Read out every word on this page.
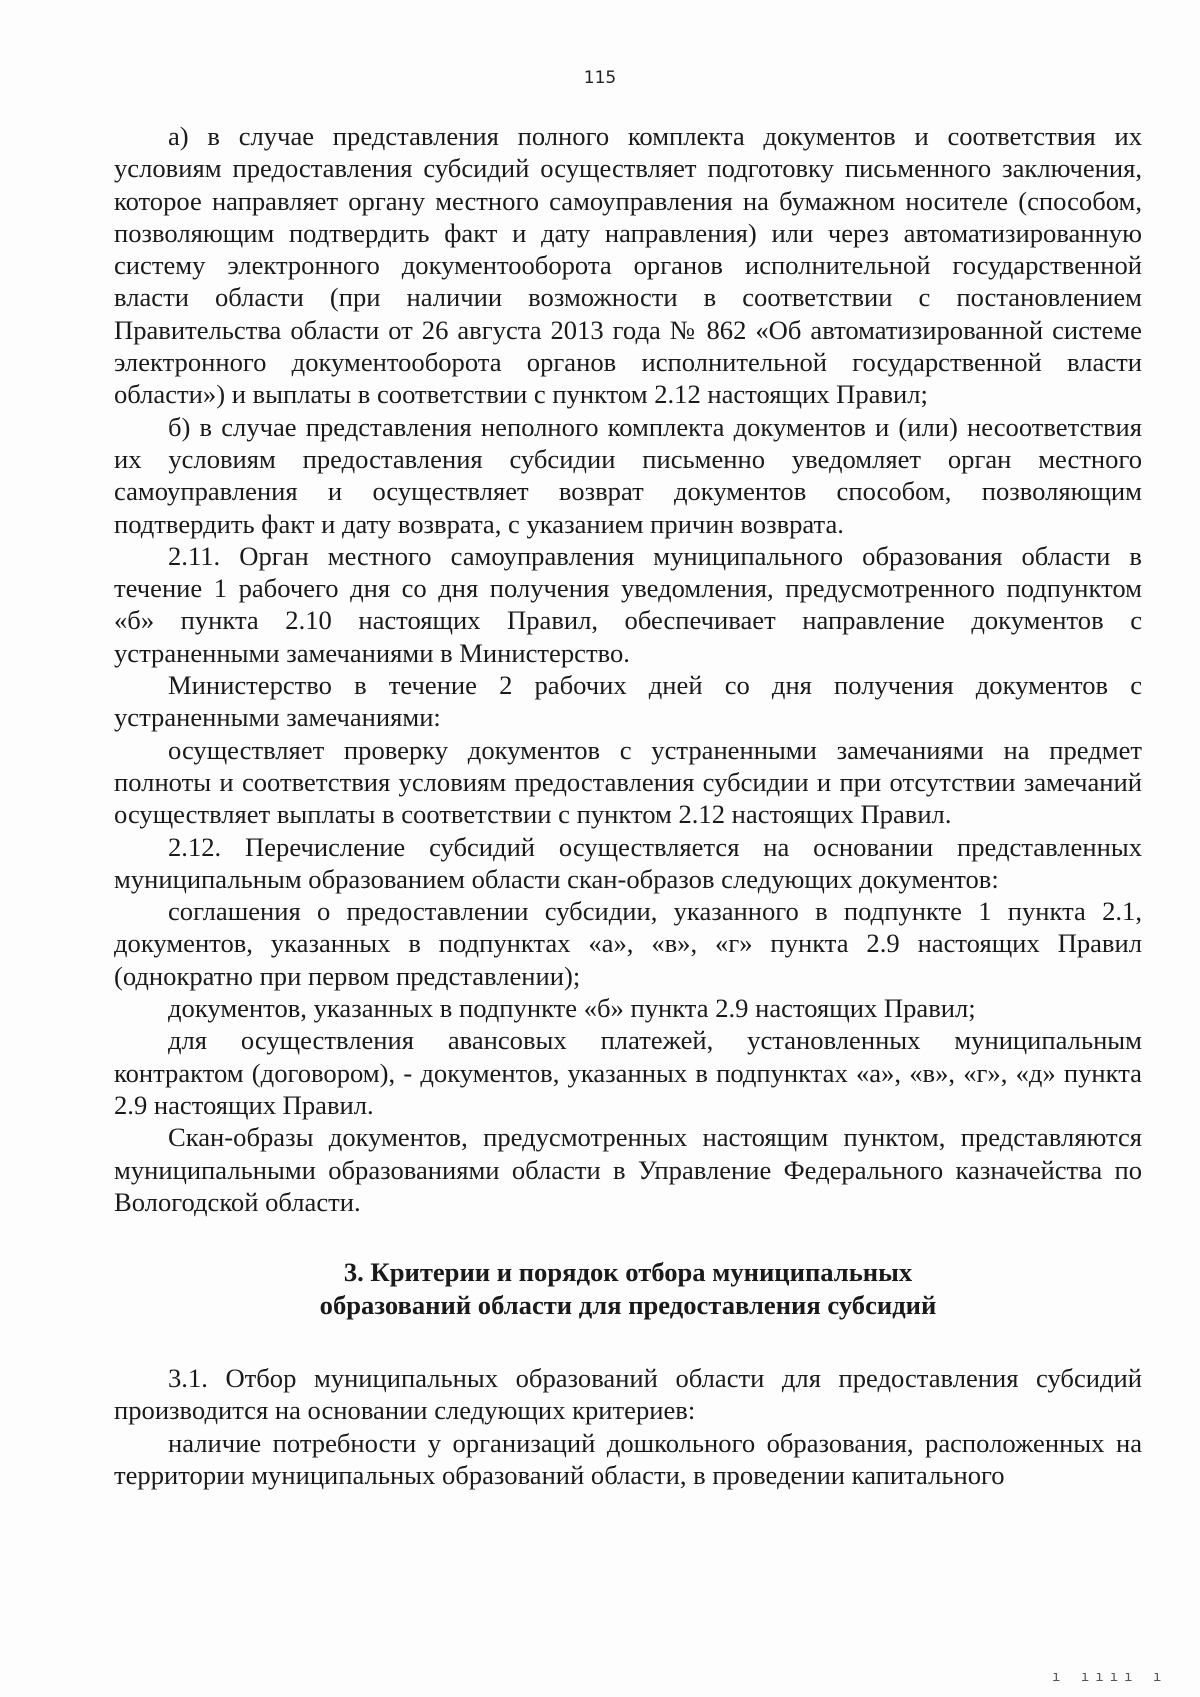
115

а) в случае представления полного комплекта документов и соответствия их условиям предоставления субсидий осуществляет подготовку письменного заключения, которое направляет органу местного самоуправления на бумажном носителе (способом, позволяющим подтвердить факт и дату направления) или через автоматизированную систему электронного документооборота органов исполнительной государственной власти области (при наличии возможности в соответствии с постановлением Правительства области от 26 августа 2013 года № 862 «Об автоматизированной системе электронного документооборота органов исполнительной государственной власти области») и выплаты в соответствии с пунктом 2.12 настоящих Правил;

б) в случае представления неполного комплекта документов и (или) несоответствия их условиям предоставления субсидии письменно уведомляет орган местного самоуправления и осуществляет возврат документов способом, позволяющим подтвердить факт и дату возврата, с указанием причин возврата.

2.11. Орган местного самоуправления муниципального образования области в течение 1 рабочего дня со дня получения уведомления, предусмотренного подпунктом «б» пункта 2.10 настоящих Правил, обеспечивает направление документов с устраненными замечаниями в Министерство.

Министерство в течение 2 рабочих дней со дня получения документов с устраненными замечаниями:

осуществляет проверку документов с устраненными замечаниями на предмет полноты и соответствия условиям предоставления субсидии и при отсутствии замечаний осуществляет выплаты в соответствии с пунктом 2.12 настоящих Правил.

2.12. Перечисление субсидий осуществляется на основании представленных муниципальным образованием области скан-образов следующих документов:

соглашения о предоставлении субсидии, указанного в подпункте 1 пункта 2.1, документов, указанных в подпунктах «а», «в», «г» пункта 2.9 настоящих Правил (однократно при первом представлении);

документов, указанных в подпункте «б» пункта 2.9 настоящих Правил;

для осуществления авансовых платежей, установленных муниципальным контрактом (договором), - документов, указанных в подпунктах «а», «в», «г», «д» пункта 2.9 настоящих Правил.

Скан-образы документов, предусмотренных настоящим пунктом, представляются муниципальными образованиями области в Управление Федерального казначейства по Вологодской области.

3. Критерии и порядок отбора муниципальных
образований области для предоставления субсидий

3.1. Отбор муниципальных образований области для предоставления субсидий производится на основании следующих критериев:

наличие потребности у организаций дошкольного образования, расположенных на территории муниципальных образований области, в проведении капитального

ı ıııı ı
